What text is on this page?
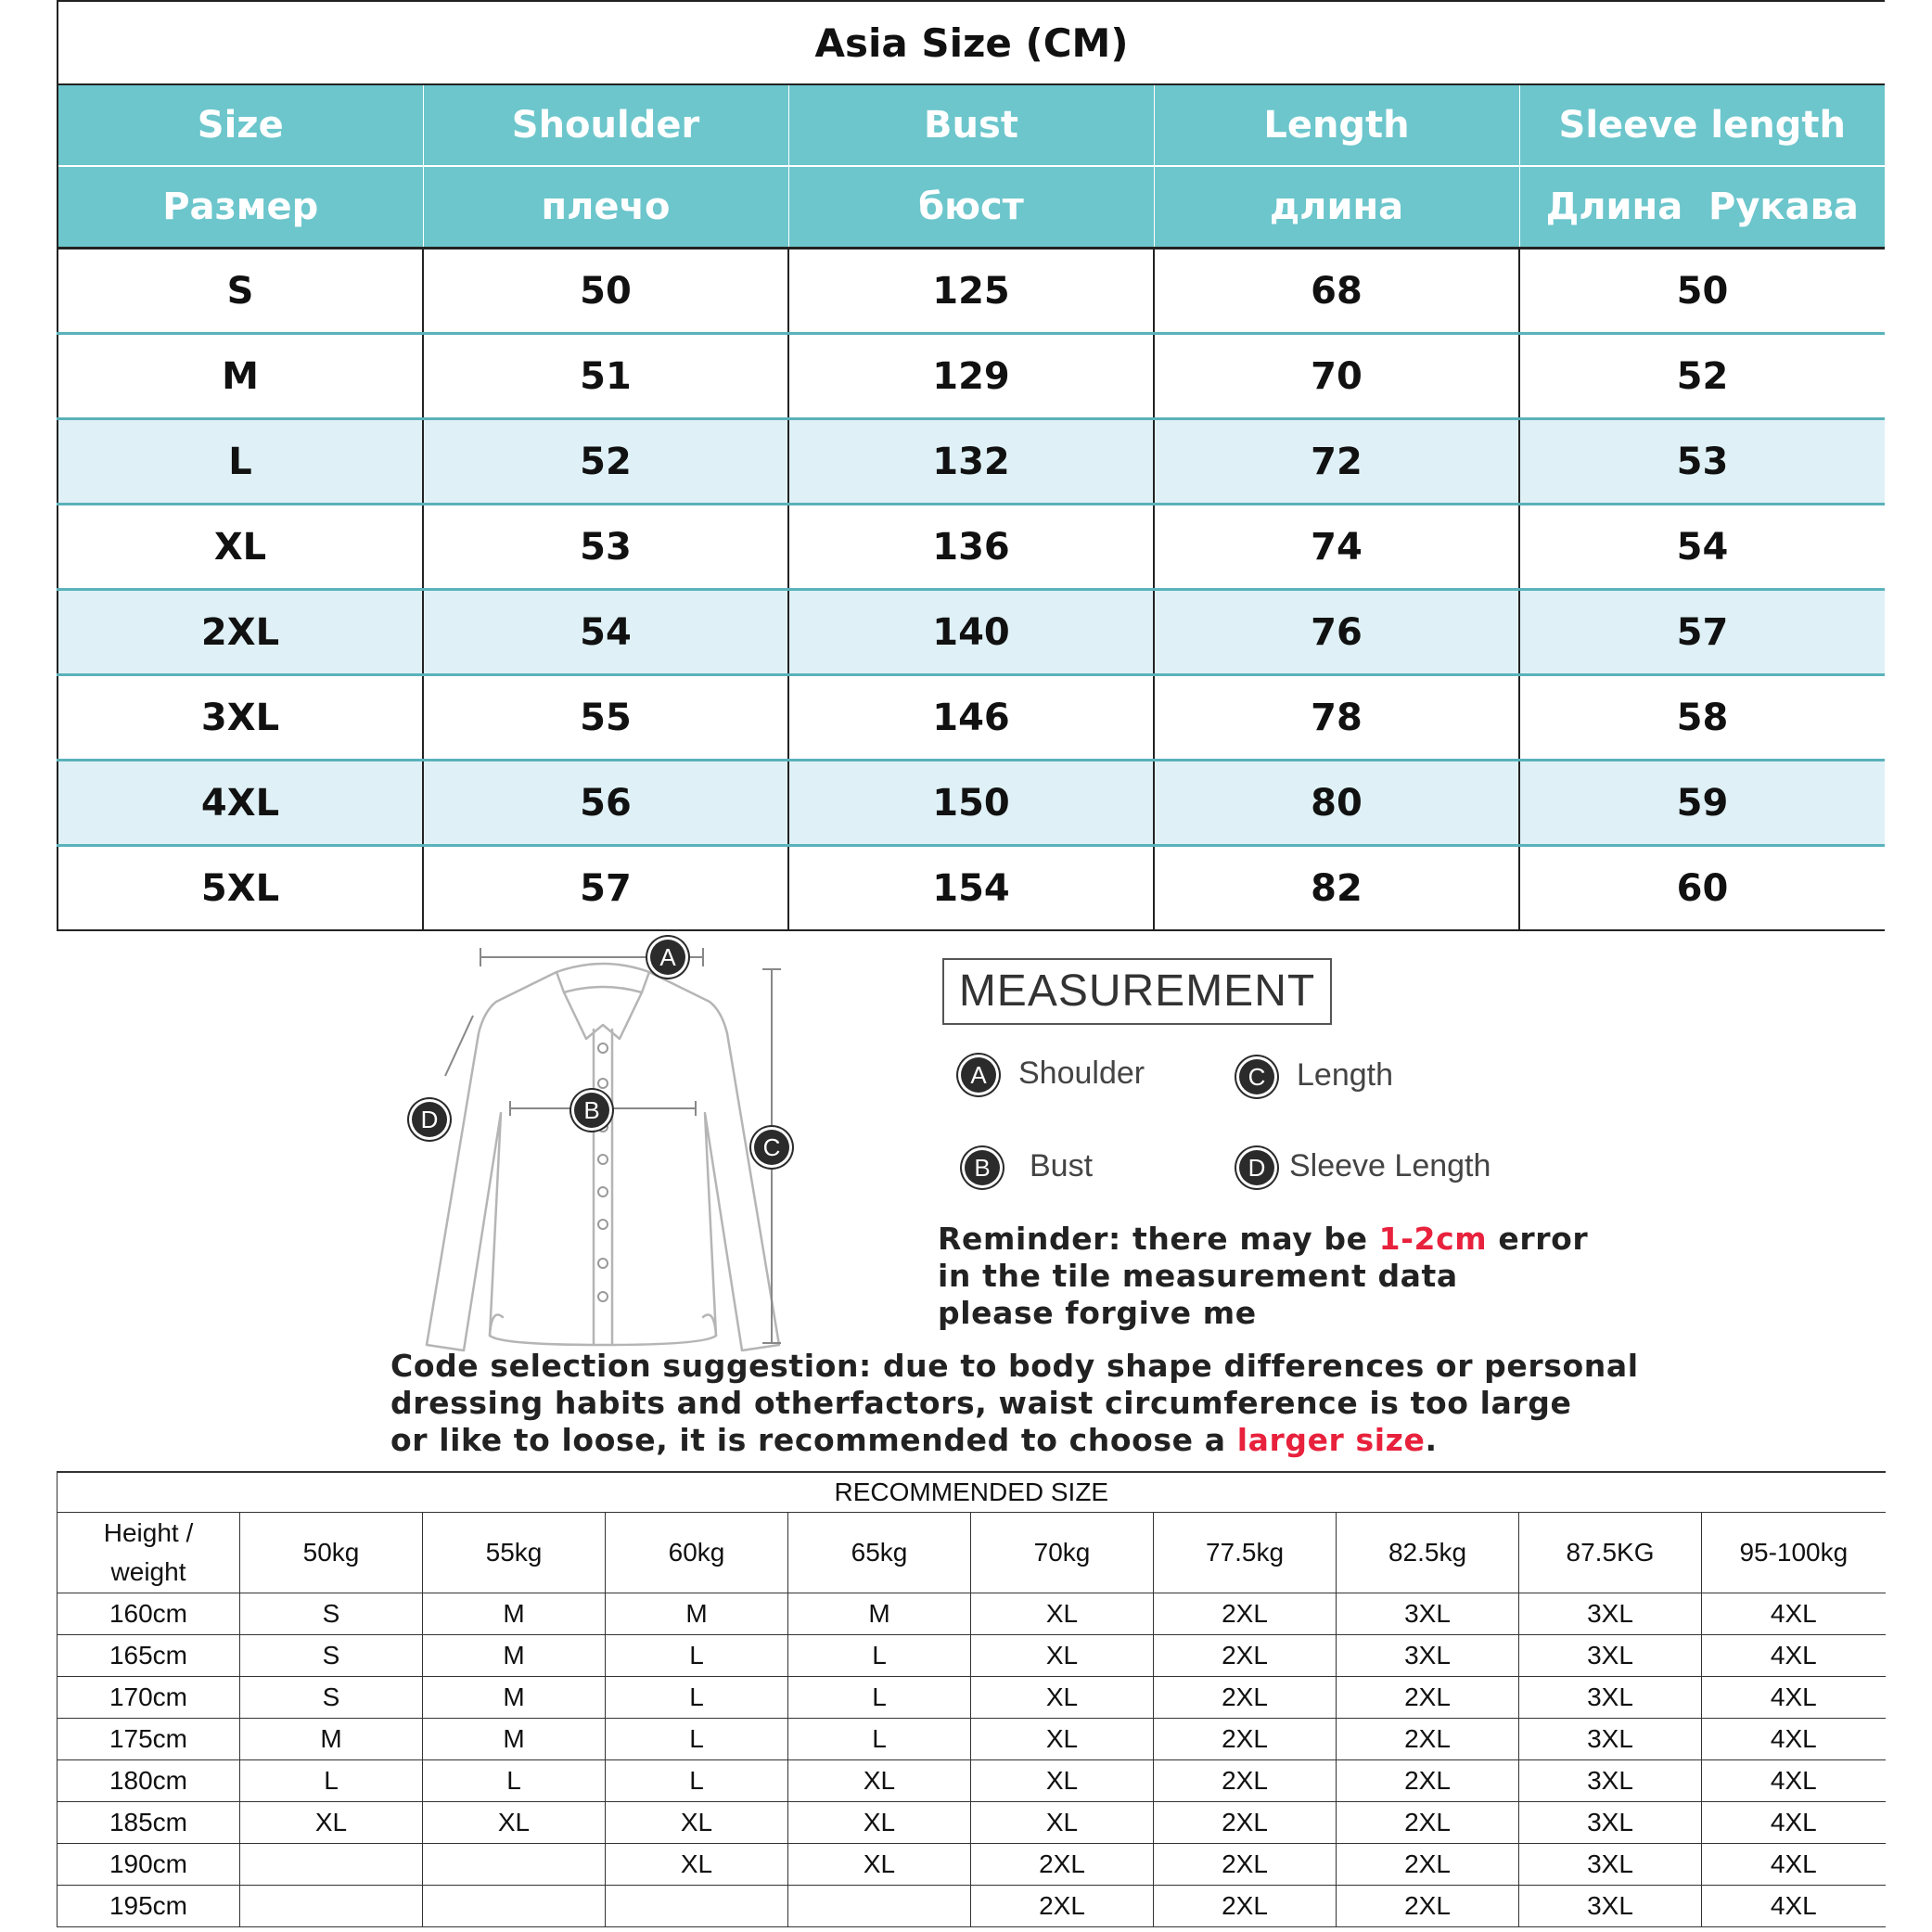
Asia Size (CM)				
Size	Shoulder	Bust	Length	Sleeve length
Размер	плечо	бюст	длина	Длина  Рукава
S	50	125	68	50
M	51	129	70	52
L	52	132	72	53
XL	53	136	74	54
2XL	54	140	76	57
3XL	55	146	78	58
4XL	56	150	80	59
5XL	57	154	82	60
A
B
C
D
MEASUREMENT
A Shoulder	C Length
B Bust	D Sleeve Length
Reminder: there may be 1-2cm error
in the tile measurement data
please forgive me
Code selection suggestion: due to body shape differences or personal
dressing habits and otherfactors, waist circumference is too large
or like to loose, it is recommended to choose a larger size.
RECOMMENDED SIZE									

Height /
weight	50kg	55kg	60kg	65kg	70kg	77.5kg	82.5kg	87.5KG	95-100kg
160cm	S	M	M	M	XL	2XL	3XL	3XL	4XL
165cm	S	M	L	L	XL	2XL	3XL	3XL	4XL
170cm	S	M	L	L	XL	2XL	2XL	3XL	4XL
175cm	M	M	L	L	XL	2XL	2XL	3XL	4XL
180cm	L	L	L	XL	XL	2XL	2XL	3XL	4XL
185cm	XL	XL	XL	XL	XL	2XL	2XL	3XL	4XL
190cm			XL	XL	2XL	2XL	2XL	3XL	4XL
195cm					2XL	2XL	2XL	3XL	4XL
